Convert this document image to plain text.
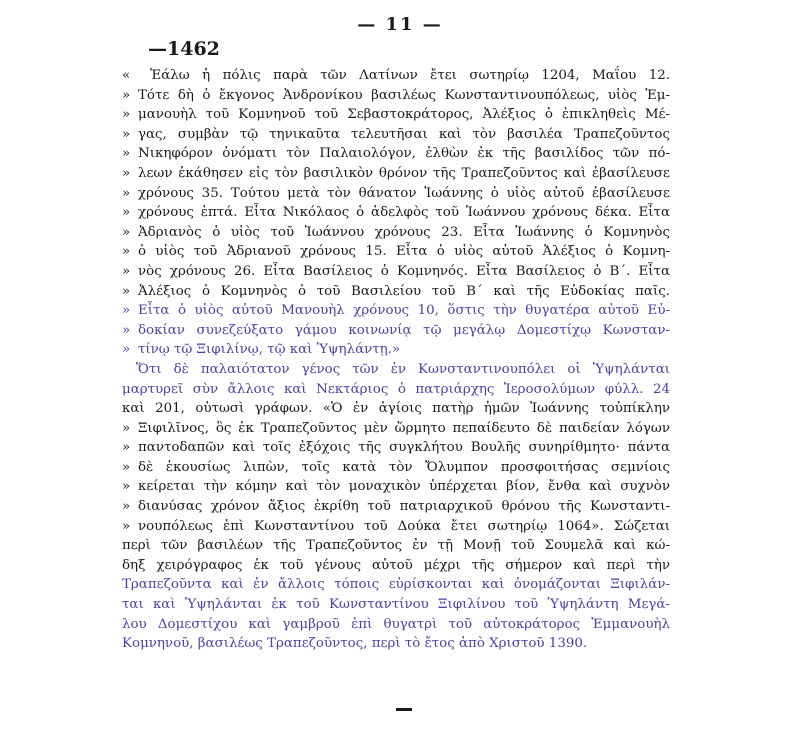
— 11 —
—1462
« Ἑάλω ἡ πόλις παρὰ τῶν Λατίνων ἔτει σωτηρίῳ 1204, Μαΐου 12.
» Τότε δὴ ὁ ἔκγονος Ἀνδρονίκου βασιλέως Κωνσταντινουπόλεως, υἱὸς Ἐμ-
» μανουὴλ τοῦ Κομνηνοῦ τοῦ Σεβαστοκράτορος, Ἀλέξιος ὁ ἐπικληθεὶς Μέ-
» γας, συμβὰν τῷ τηνικαῦτα τελευτῆσαι καὶ τὸν βασιλέα Τραπεζοῦντος
» Νικηφόρον ὀνόματι τὸν Παλαιολόγον, ἐλθὼν ἐκ τῆς βασιλίδος τῶν πό-
» λεων ἐκάθησεν εἰς τὸν βασιλικὸν θρόνον τῆς Τραπεζοῦντος καὶ ἐβασίλευσε
» χρόνους 35. Τούτου μετὰ τὸν θάνατον Ἰωάννης ὁ υἱὸς αὐτοῦ ἐβασίλευσε
» χρόνους ἑπτά. Εἶτα Νικόλαος ὁ ἀδελφὸς τοῦ Ἰωάννου χρόνους δέκα. Εἶτα
» Ἀδριανὸς ὁ υἱὸς τοῦ Ἰωάννου χρόνους 23. Εἶτα Ἰωάννης ὁ Κομνηνὸς
» ὁ υἱὸς τοῦ Ἀδριανοῦ χρόνους 15. Εἶτα ὁ υἱὸς αὐτοῦ Ἀλέξιος ὁ Κομνη-
» νὸς χρόνους 26. Εἶτα Βασίλειος ὁ Κομνηνός. Εἶτα Βασίλειος ὁ Β΄. Εἶτα
» Ἀλέξιος ὁ Κομνηνὸς ὁ τοῦ Βασιλείου τοῦ Β΄ καὶ τῆς Εὐδοκίας παῖς.
» Εἶτα ὁ υἱὸς αὐτοῦ Μανουὴλ χρόνους 10, ὅστις τὴν θυγατέρα αὐτοῦ Εὐ-
» δοκίαν συνεζεύξατο γάμου κοινωνίᾳ τῷ μεγάλῳ Δομεστίχῳ Κωνσταν-
» τίνῳ τῷ Ξιφιλίνῳ, τῷ καὶ Ὑψηλάντῃ.»
Ὅτι δὲ παλαιότατον γένος τῶν ἐν Κωνσταντινουπόλει οἱ Ὑψηλάνται
μαρτυρεῖ σὺν ἄλλοις καὶ Νεκτάριος ὁ πατριάρχης Ἱεροσολύμων φύλλ. 24
καὶ 201, οὑτωσὶ γράφων. «Ὁ ἐν ἁγίοις πατὴρ ἡμῶν Ἰωάννης τοὐπίκλην
» Ξιφιλῖνος, ὃς ἐκ Τραπεζοῦντος μὲν ὥρμητο πεπαίδευτο δὲ παιδείαν λόγων
» παντοδαπῶν καὶ τοῖς ἐξόχοις τῆς συγκλήτου Βουλῆς συνηρίθμητο· πάντα
» δὲ ἑκουσίως λιπὼν, τοῖς κατὰ τὸν Ὄλυμπον προσφοιτήσας σεμνίοις
» κείρεται τὴν κόμην καὶ τὸν μοναχικὸν ὑπέρχεται βίον, ἔνθα καὶ συχνὸν
» διανύσας χρόνον ἄξιος ἐκρίθη τοῦ πατριαρχικοῦ θρόνου τῆς Κωνσταντι-
» νουπόλεως ἐπὶ Κωνσταντίνου τοῦ Δούκα ἔτει σωτηρίῳ 1064». Σώζεται
περὶ τῶν βασιλέων τῆς Τραπεζοῦντος ἐν τῇ Μονῇ τοῦ Σουμελᾶ καὶ κώ-
δηξ χειρόγραφος ἐκ τοῦ γένους αὐτοῦ μέχρι τῆς σήμερον καὶ περὶ τὴν
Τραπεζοῦντα καὶ ἐν ἄλλοις τόποις εὑρίσκονται καὶ ὀνομάζονται Ξιφιλάν-
ται καὶ Ὑψηλάνται ἐκ τοῦ Κωνσταντίνου Ξιφιλίνου τοῦ Ὑψηλάντη Μεγά-
λου Δομεστίχου καὶ γαμβροῦ ἐπὶ θυγατρὶ τοῦ αὐτοκράτορος Ἐμμανουὴλ
Κομνηνοῦ, βασιλέως Τραπεζοῦντος, περὶ τὸ ἔτος ἀπὸ Χριστοῦ 1390.
